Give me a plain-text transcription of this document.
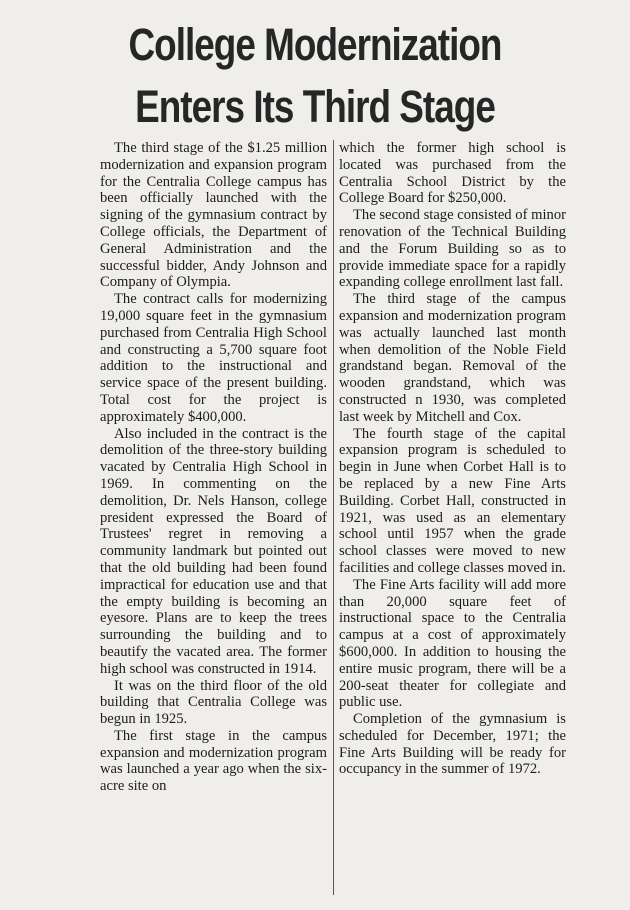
College Modernization
Enters Its Third Stage

The third stage of the $1.25 million modernization and expansion program for the Centralia College campus has been officially launched with the signing of the gymnasium contract by College officials, the Department of General Administration and the successful bidder, Andy Johnson and Company of Olympia.

The contract calls for modernizing 19,000 square feet in the gymnasium purchased from Centralia High School and constructing a 5,700 square foot addition to the instructional and service space of the present building. Total cost for the project is approximately $400,000.

Also included in the contract is the demolition of the three-story building vacated by Centralia High School in 1969. In commenting on the demolition, Dr. Nels Hanson, college president expressed the Board of Trustees' regret in removing a community landmark but pointed out that the old building had been found impractical for education use and that the empty building is becoming an eyesore. Plans are to keep the trees surrounding the building and to beautify the vacated area. The former high school was constructed in 1914.

It was on the third floor of the old building that Centralia College was begun in 1925.

The first stage in the campus expansion and modernization program was launched a year ago when the six-acre site on

which the former high school is located was purchased from the Centralia School District by the College Board for $250,000.

The second stage consisted of minor renovation of the Technical Building and the Forum Building so as to provide immediate space for a rapidly expanding college enrollment last fall.

The third stage of the campus expansion and modernization program was actually launched last month when demolition of the Noble Field grandstand began. Removal of the wooden grandstand, which was constructed n 1930, was completed last week by Mitchell and Cox.

The fourth stage of the capital expansion program is scheduled to begin in June when Corbet Hall is to be replaced by a new Fine Arts Building. Corbet Hall, constructed in 1921, was used as an elementary school until 1957 when the grade school classes were moved to new facilities and college classes moved in.

The Fine Arts facility will add more than 20,000 square feet of instructional space to the Centralia campus at a cost of approximately $600,000. In addition to housing the entire music program, there will be a 200-seat theater for collegiate and public use.

Completion of the gymnasium is scheduled for December, 1971; the Fine Arts Building will be ready for occupancy in the summer of 1972.
